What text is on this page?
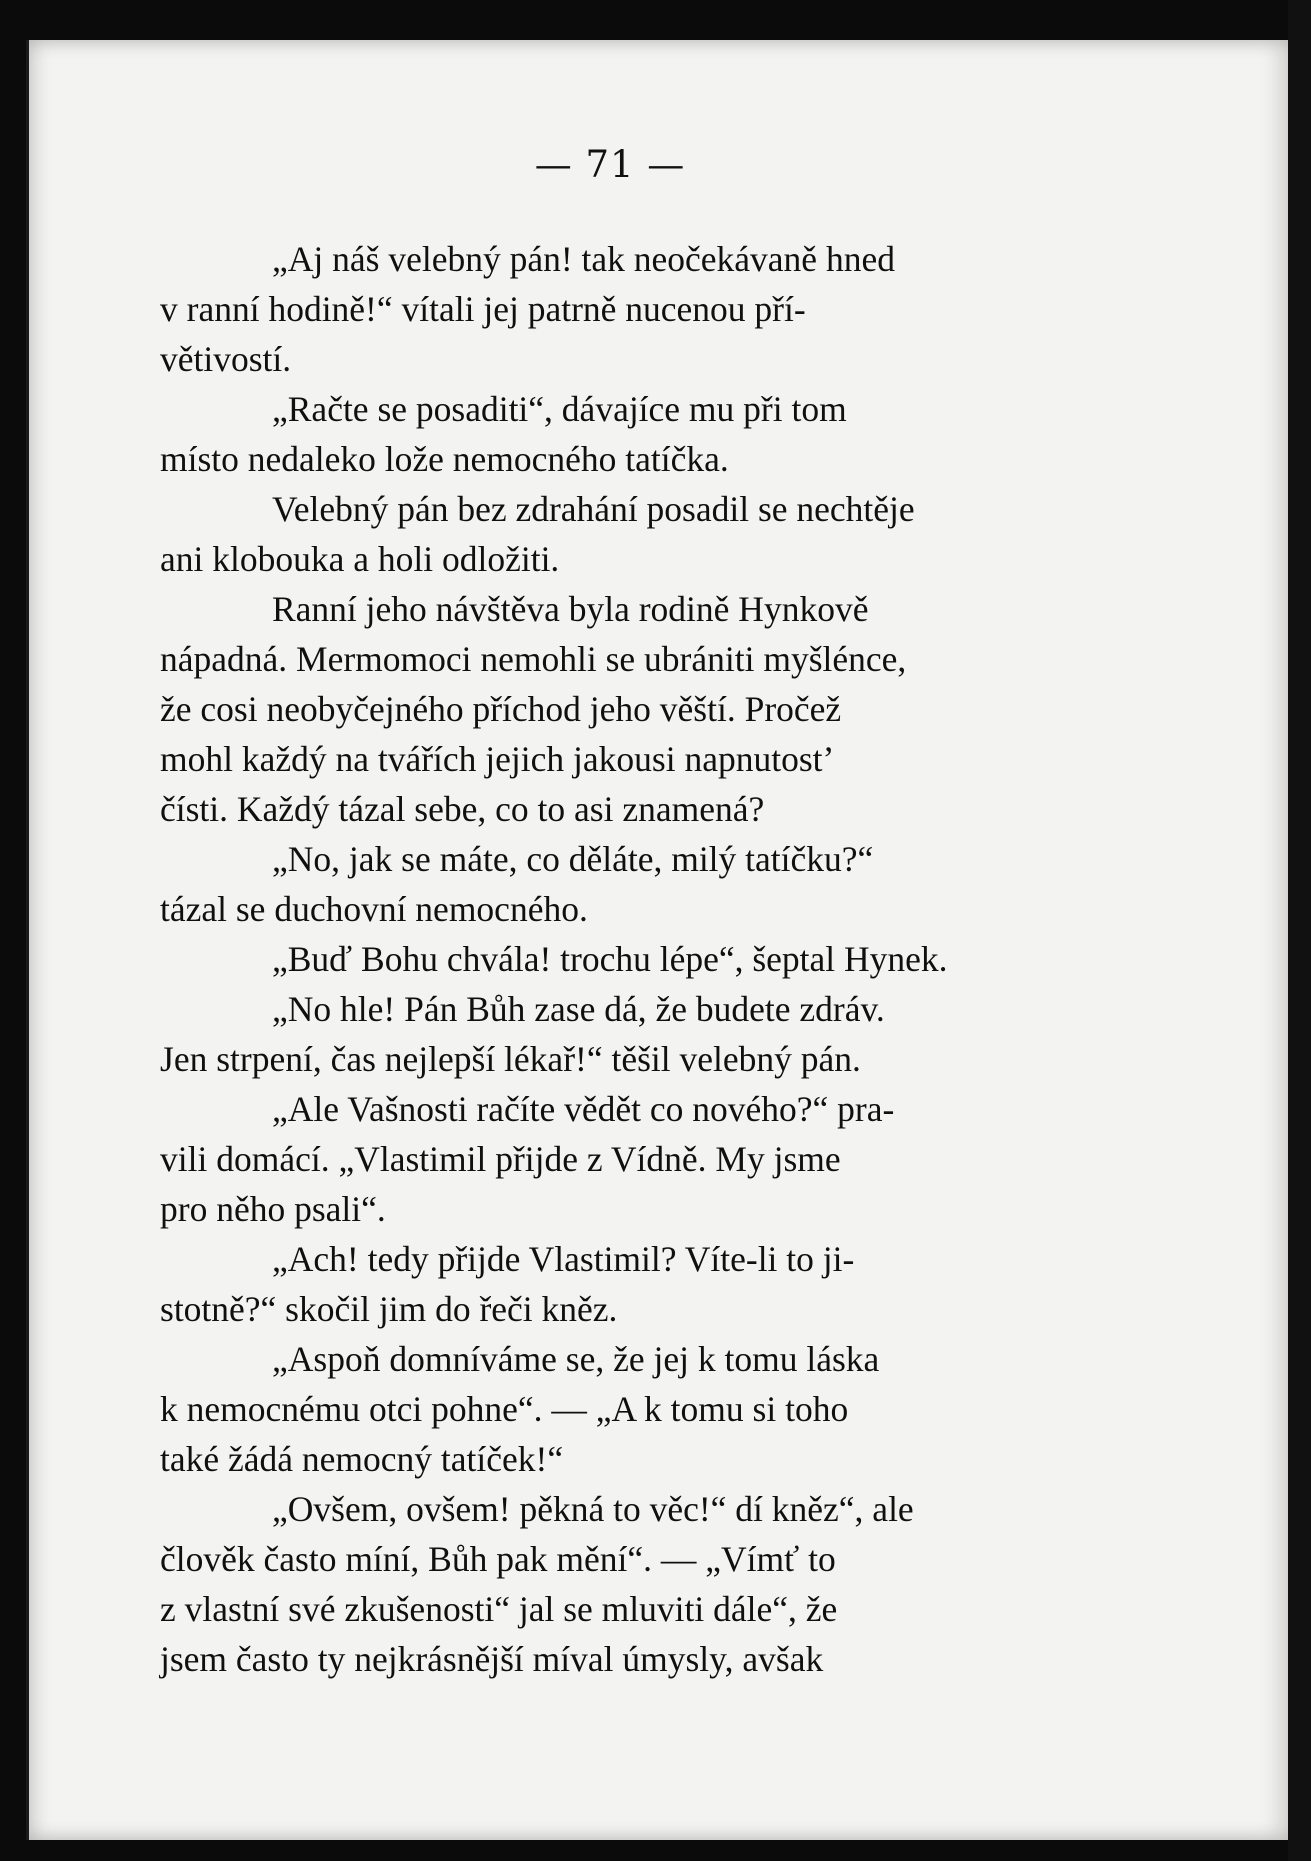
— 71 —
„Aj náš velebný pán! tak neočekávaně hned
v ranní hodině!“ vítali jej patrně nucenou pří-
větivostí.
„Račte se posaditi“, dávajíce mu při tom
místo nedaleko lože nemocného tatíčka.
Velebný pán bez zdrahání posadil se nechtěje
ani klobouka a holi odložiti.
Ranní jeho návštěva byla rodině Hynkově
nápadná. Mermomoci nemohli se ubrániti myšlénce,
že cosi neobyčejného příchod jeho věští. Pročež
mohl každý na tvářích jejich jakousi napnutost’
čísti. Každý tázal sebe, co to asi znamená?
„No, jak se máte, co děláte, milý tatíčku?“
tázal se duchovní nemocného.
„Buď Bohu chvála! trochu lépe“, šeptal Hynek.
„No hle! Pán Bůh zase dá, že budete zdráv.
Jen strpení, čas nejlepší lékař!“ těšil velebný pán.
„Ale Vašnosti račíte vědět co nového?“ pra-
vili domácí. „Vlastimil přijde z Vídně. My jsme
pro něho psali“.
„Ach! tedy přijde Vlastimil? Víte-li to ji-
stotně?“ skočil jim do řeči kněz.
„Aspoň domníváme se, že jej k tomu láska
k nemocnému otci pohne“. — „A k tomu si toho
také žádá nemocný tatíček!“
„Ovšem, ovšem! pěkná to věc!“ dí kněz“, ale
člověk často míní, Bůh pak mění“. — „Vímť to
z vlastní své zkušenosti“ jal se mluviti dále“, že
jsem často ty nejkrásnější míval úmysly, avšak
